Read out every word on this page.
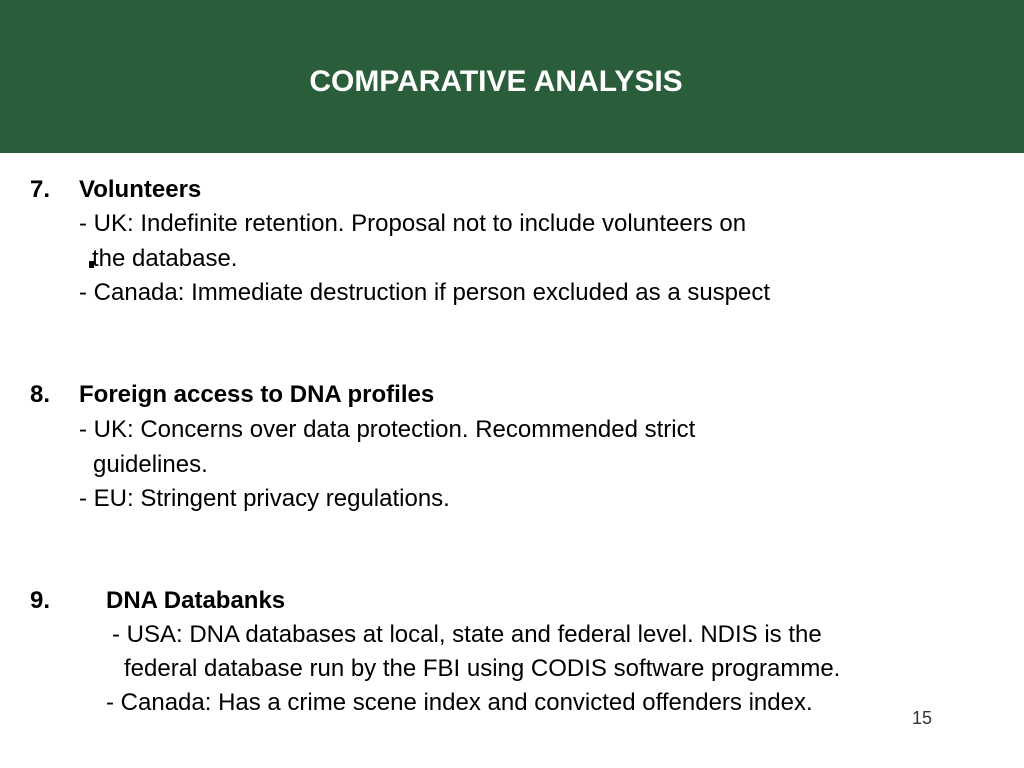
COMPARATIVE ANALYSIS
7. Volunteers
- UK: Indefinite retention. Proposal not to include volunteers on
the database.
- Canada: Immediate destruction if person excluded as a suspect
8. Foreign access to DNA profiles
- UK: Concerns over data protection. Recommended strict
guidelines.
- EU: Stringent privacy regulations.
9. DNA Databanks
- USA: DNA databases at local, state and federal level. NDIS is the
federal database run by the FBI using CODIS software programme.
- Canada: Has a crime scene index and convicted offenders index.
15
